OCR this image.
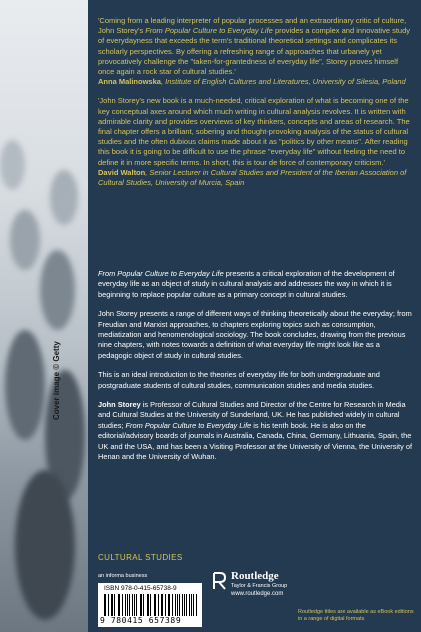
Cover image © Getty

'Coming from a leading interpreter of popular processes and an extraordinary critic of culture, John Storey's From Popular Culture to Everyday Life provides a complex and innovative study of everydayness that exceeds the term's traditional theoretical settings and complicates its scholarly perspectives. By offering a refreshing range of approaches that urbanely yet provocatively challenge the "taken-for-grantedness of everyday life", Storey proves himself once again a rock star of cultural studies.'

Anna Malinowska, Institute of English Cultures and Literatures, University of Silesia, Poland

'John Storey's new book is a much-needed, critical exploration of what is becoming one of the key conceptual axes around which much writing in cultural analysis revolves. It is written with admirable clarity and provides overviews of key thinkers, concepts and areas of research. The final chapter offers a brilliant, sobering and thought-provoking analysis of the status of cultural studies and the often dubious claims made about it as "politics by other means". After reading this book it is going to be difficult to use the phrase "everyday life" without feeling the need to define it in more specific terms. In short, this is tour de force of contemporary criticism.'

David Walton, Senior Lecturer in Cultural Studies and President of the Iberian Association of Cultural Studies, University of Murcia, Spain

From Popular Culture to Everyday Life presents a critical exploration of the development of everyday life as an object of study in cultural analysis and addresses the way in which it is beginning to replace popular culture as a primary concept in cultural studies.

John Storey presents a range of different ways of thinking theoretically about the everyday; from Freudian and Marxist approaches, to chapters exploring topics such as consumption, mediatization and henomenological sociology. The book concludes, drawing from the previous nine chapters, with notes towards a definition of what everyday life might look like as a pedagogic object of study in cultural studies.

This is an ideal introduction to the theories of everyday life for both undergraduate and postgraduate students of cultural studies, communication studies and media studies.

John Storey is Professor of Cultural Studies and Director of the Centre for Research in Media and Cultural Studies at the University of Sunderland, UK. He has published widely in cultural studies; From Popular Culture to Everyday Life is his tenth book. He is also on the editorial/advisory boards of journals in Australia, Canada, China, Germany, Lithuania, Spain, the UK and the USA, and has been a Visiting Professor at the University of Vienna, the University of Henan and the University of Wuhan.

CULTURAL STUDIES
an informa business
ISBN 978-0-415-65738-9
9 780415 657389
Routledge
Taylor & Francis Group
www.routledge.com
Routledge titles are available as eBook editions in a range of digital formats
